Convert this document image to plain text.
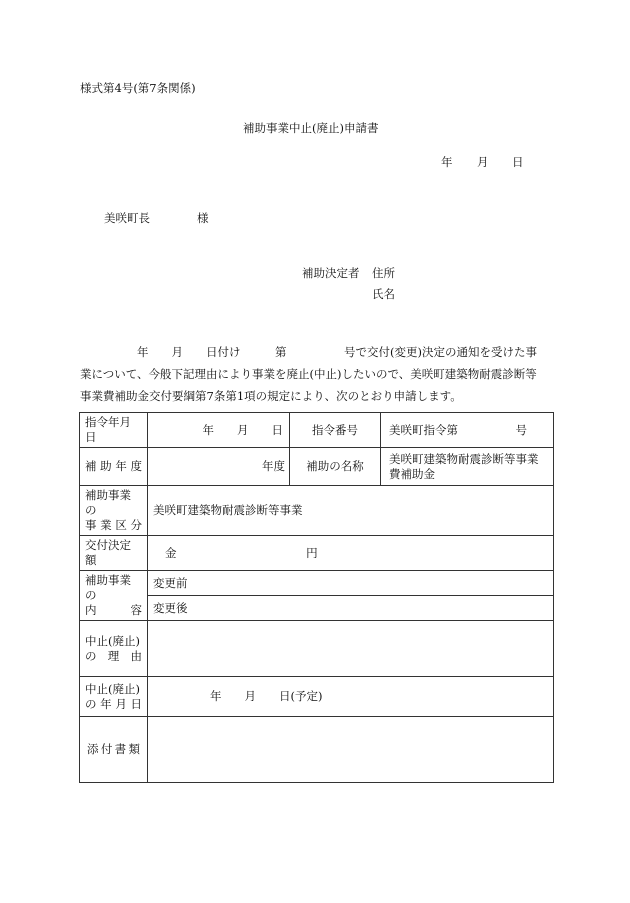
様式第4号(第7条関係)
補助事業中止(廃止)申請書
年 月 日
美咲町長	様
補助決定者 住所
氏名
年　　月　　日付け　　　第　　　　　号で交付(変更)決定の通知を受けた事
業について、今般下記理由により事業を廃止(中止)したいので、美咲町建築物耐震診断等
事業費補助金交付要綱第7条第1項の規定により、次のとおり申請します。
指令年月日	年　　月　　日	指令番号	美咲町指令第　　　　　号

補 助 年 度	年度	補助の名称	美咲町建築物耐震診断等事業費補助金

補助事業の
事 業 区 分	美咲町建築物耐震診断等事業		
交付決定額	金 円		

補助事業の
内 容	変更前		
	変更後		

中止(廃止)
の 理 由			

中止(廃止)
の 年 月 日	年　　月　　日(予定)		

添 付 書 類			
